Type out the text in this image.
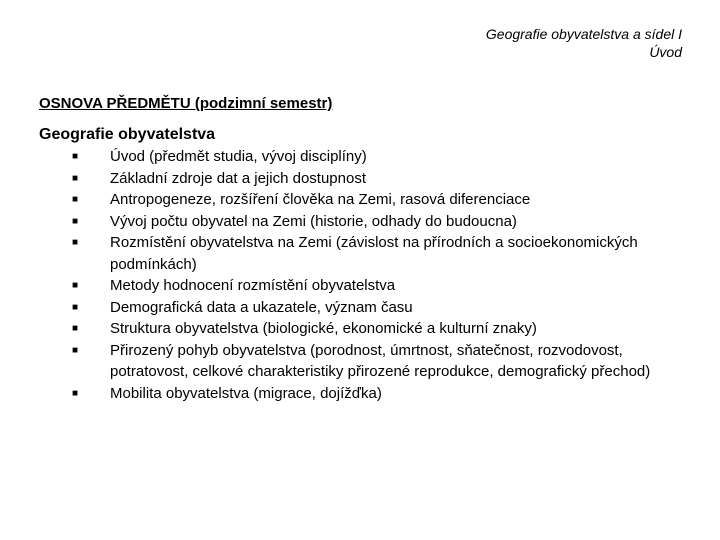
Geografie obyvatelstva a sídel I
Úvod
OSNOVA PŘEDMĚTU (podzimní semestr)
Geografie obyvatelstva
■ Úvod (předmět studia, vývoj disciplíny)
■ Základní zdroje dat a jejich dostupnost
■ Antropogeneze, rozšíření člověka na Zemi, rasová diferenciace
■ Vývoj počtu obyvatel na Zemi (historie, odhady do budoucna)
■ Rozmístění obyvatelstva na Zemi (závislost na přírodních a socioekonomických podmínkách)
■ Metody hodnocení rozmístění obyvatelstva
■ Demografická data a ukazatele, význam času
■ Struktura obyvatelstva (biologické, ekonomické a kulturní znaky)
■ Přirozený pohyb obyvatelstva (porodnost, úmrtnost, sňatečnost, rozvodovost, potratovost, celkové charakteristiky přirozené reprodukce, demografický přechod)
■ Mobilita obyvatelstva (migrace, dojížďka)
